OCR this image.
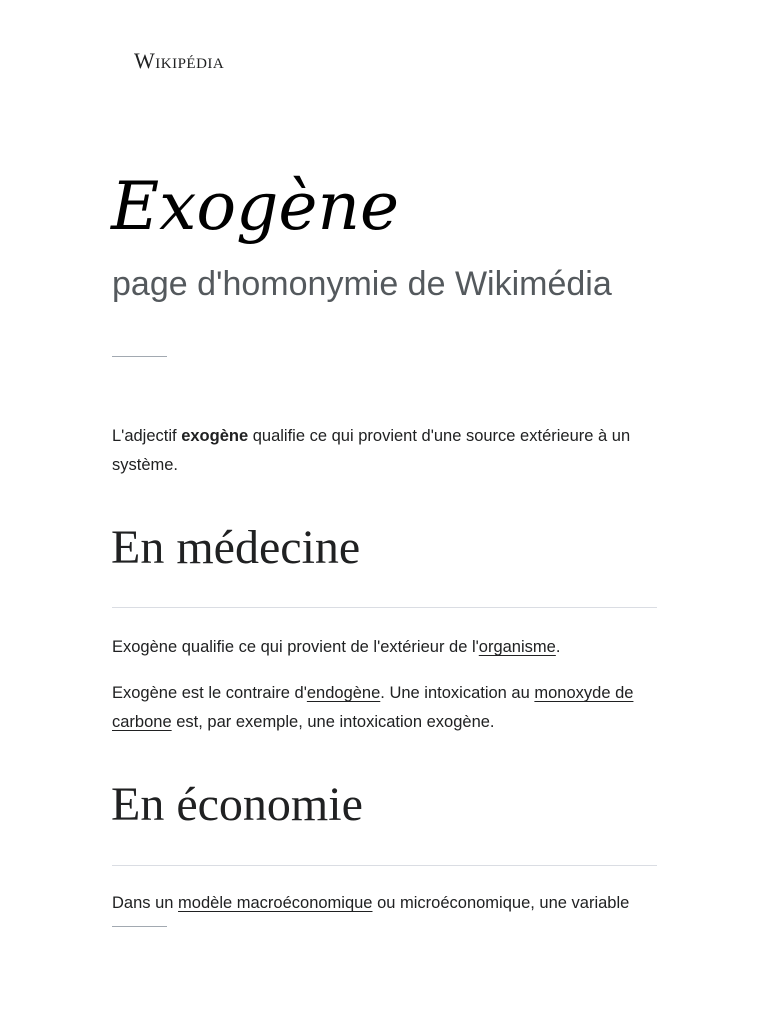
Wikipédia
Exogène
page d'homonymie de Wikimédia

L'adjectif exogène qualifie ce qui provient d'une source extérieure à un système.

En médecine

Exogène qualifie ce qui provient de l'extérieur de l'organisme.

Exogène est le contraire d'endogène. Une intoxication au monoxyde de carbone est, par exemple, une intoxication exogène.

En économie

Dans un modèle macroéconomique ou microéconomique, une variable
